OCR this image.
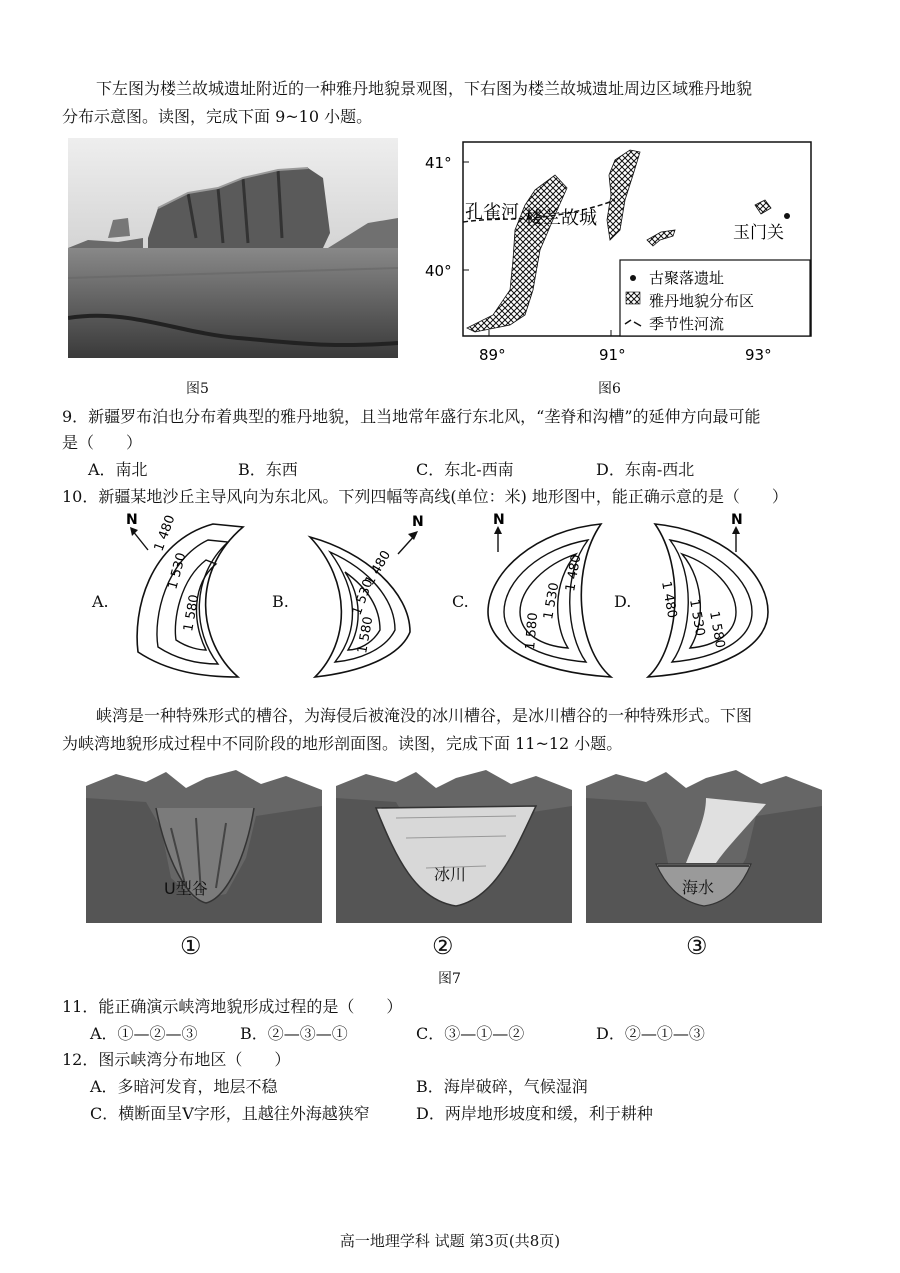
下左图为楼兰故城遗址附近的一种雅丹地貌景观图，下右图为楼兰故城遗址周边区域雅丹地貌
分布示意图。读图，完成下面 9~10 小题。
图5
41°
40°
89°	91°	93°
孔雀河 楼兰故城
玉门关
古聚落遗址
雅丹地貌分布区
季节性河流
图6
9．新疆罗布泊也分布着典型的雅丹地貌，且当地常年盛行东北风，“垄脊和沟槽”的延伸方向最可能
是（　　）
A．南北	B．东西	C．东北-西南	D．东南-西北
10．新疆某地沙丘主导风向为东北风。下列四幅等高线(单位：米) 地形图中，能正确示意的是（　　）
A.
N 1 480
1 530
1 580	B.
N
1 480
1 530
1 580
C.
N
1 480
1 530
1 580
D.
N
1 480 1 530
1 580
峡湾是一种特殊形式的槽谷，为海侵后被淹没的冰川槽谷，是冰川槽谷的一种特殊形式。下图
为峡湾地貌形成过程中不同阶段的地形剖面图。读图，完成下面 11~12 小题。
U型谷
冰川
海水
①	②	③
图7
11．能正确演示峡湾地貌形成过程的是（　　）
A．①—②—③	B．②—③—①	C．③—①—②	D．②—①—③
12．图示峡湾分布地区（　　）
A．多暗河发育，地层不稳	B．海岸破碎，气候湿润
C．横断面呈V字形，且越往外海越狭窄	D．两岸地形坡度和缓，利于耕种
高一地理学科 试题 第3页(共8页)
